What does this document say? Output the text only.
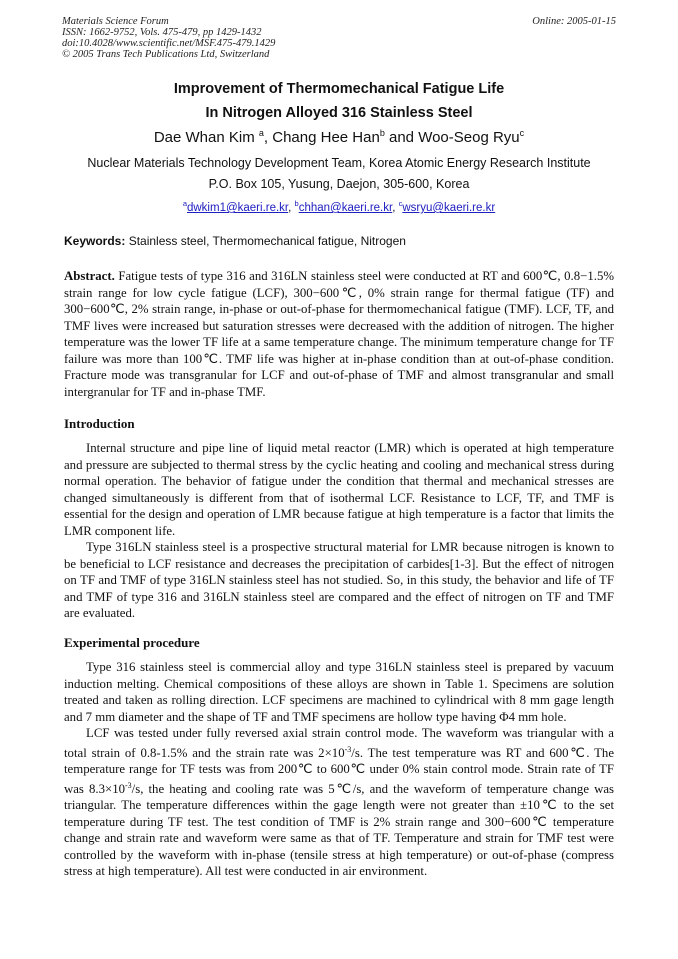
Materials Science Forum
ISSN: 1662-9752, Vols. 475-479, pp 1429-1432
doi:10.4028/www.scientific.net/MSF.475-479.1429
© 2005 Trans Tech Publications Ltd, Switzerland
Online: 2005-01-15
Improvement of Thermomechanical Fatigue Life
In Nitrogen Alloyed 316 Stainless Steel
Dae Whan Kim $^a$, Chang Hee Han$^b$ and Woo-Seog Ryu$^c$
Nuclear Materials Technology Development Team, Korea Atomic Energy Research Institute
P.O. Box 105, Yusung, Daejon, 305-600, Korea
$^a$dwkim1@kaeri.re.kr, $^b$chhan@kaeri.re.kr, $^c$wsryu@kaeri.re.kr
Keywords: Stainless steel, Thermomechanical fatigue, Nitrogen

Abstract. Fatigue tests of type 316 and 316LN stainless steel were conducted at RT and 600℃, 0.8−1.5% strain range for low cycle fatigue (LCF), 300−600℃, 0% strain range for thermal fatigue (TF) and 300−600℃, 2% strain range, in-phase or out-of-phase for thermomechanical fatigue (TMF). LCF, TF, and TMF lives were increased but saturation stresses were decreased with the addition of nitrogen. The higher temperature was the lower TF life at a same temperature change. The minimum temperature change for TF failure was more than 100℃. TMF life was higher at in-phase condition than at out-of-phase condition. Fracture mode was transgranular for LCF and out-of-phase of TMF and almost transgranular and small intergranular for TF and in-phase TMF.

Introduction

Internal structure and pipe line of liquid metal reactor (LMR) which is operated at high temperature and pressure are subjected to thermal stress by the cyclic heating and cooling and mechanical stress during normal operation. The behavior of fatigue under the condition that thermal and mechanical stresses are changed simultaneously is different from that of isothermal LCF. Resistance to LCF, TF, and TMF is essential for the design and operation of LMR because fatigue at high temperature is a factor that limits the LMR component life.

Type 316LN stainless steel is a prospective structural material for LMR because nitrogen is known to be beneficial to LCF resistance and decreases the precipitation of carbides[1-3]. But the effect of nitrogen on TF and TMF of type 316LN stainless steel has not studied. So, in this study, the behavior and life of TF and TMF of type 316 and 316LN stainless steel are compared and the effect of nitrogen on TF and TMF are evaluated.

Experimental procedure

Type 316 stainless steel is commercial alloy and type 316LN stainless steel is prepared by vacuum induction melting. Chemical compositions of these alloys are shown in Table 1. Specimens are solution treated and taken as rolling direction. LCF specimens are machined to cylindrical with 8 mm gage length and 7 mm diameter and the shape of TF and TMF specimens are hollow type having Φ4 mm hole.

LCF was tested under fully reversed axial strain control mode. The waveform was triangular with a total strain of 0.8-1.5% and the strain rate was $2\times 10^{-3}/s$. The test temperature was RT and 600℃. The temperature range for TF tests was from 200℃ to 600℃ under 0% stain control mode. Strain rate of TF was $8.3\times 10^{-3}/s$, the heating and cooling rate was 5℃/s, and the waveform of temperature change was triangular. The temperature differences within the gage length were not greater than ±10℃ to the set temperature during TF test. The test condition of TMF is 2% strain range and 300−600℃ temperature change and strain rate and waveform were same as that of TF. Temperature and strain for TMF test were controlled by the waveform with in-phase (tensile stress at high temperature) or out-of-phase (compress stress at high temperature). All test were conducted in air environment.
